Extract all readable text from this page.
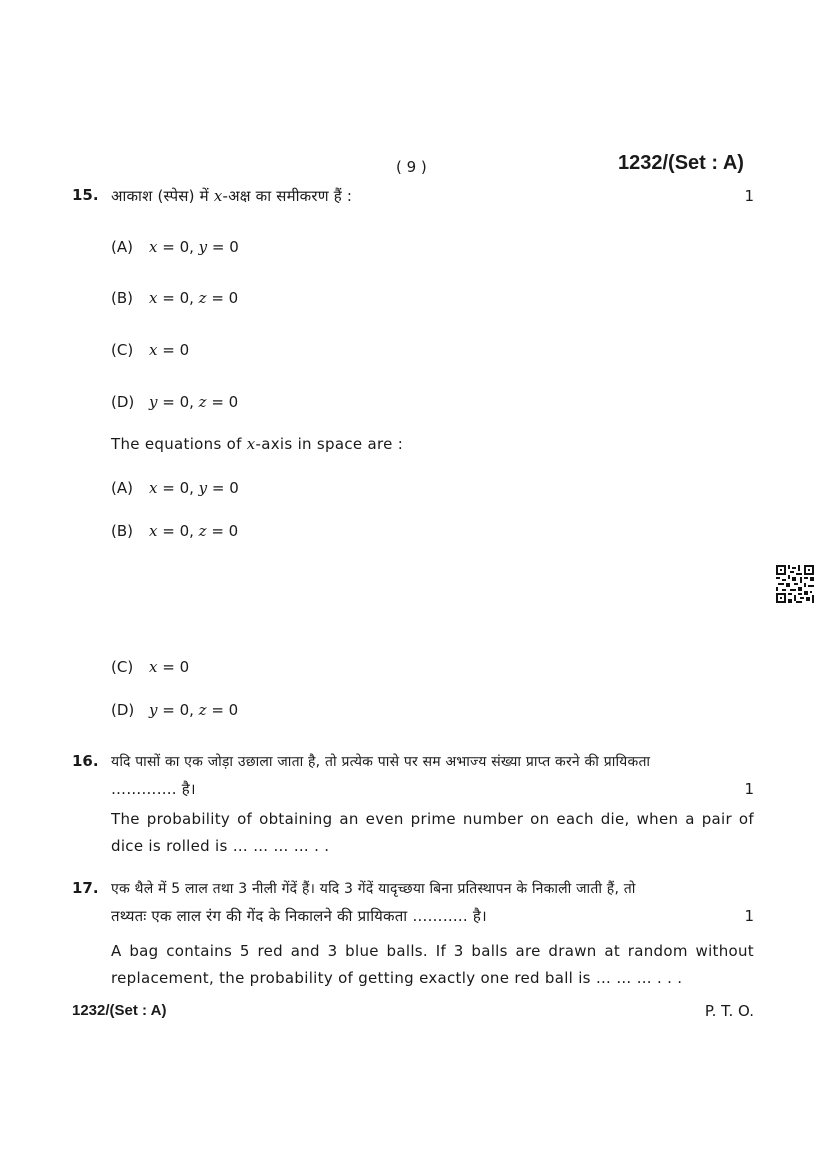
( 9 )	1232/(Set : A)
15. आकाश (स्पेस) में x-अक्ष का समीकरण हैं :	1
(A) x = 0, y = 0
(B) x = 0, z = 0
(C) x = 0
(D) y = 0, z = 0
The equations of x-axis in space are :
(A) x = 0, y = 0
(B) x = 0, z = 0
(C) x = 0
(D) y = 0, z = 0
16. यदि पासों का एक जोड़ा उछाला जाता है, तो प्रत्येक पासे पर सम अभाज्य संख्या प्राप्त करने की प्रायिकता
…………. है।	1
The probability of obtaining an even prime number on each die, when a pair of dice is rolled is … … … … . .
17. एक थैले में 5 लाल तथा 3 नीली गेंदें हैं। यदि 3 गेंदें यादृच्छया बिना प्रतिस्थापन के निकाली जाती हैं, तो
तथ्यतः एक लाल रंग की गेंद के निकालने की प्रायिकता ……….. है।	1
A bag contains 5 red and 3 blue balls. If 3 balls are drawn at random without replacement, the probability of getting exactly one red ball is … … … . . .
1232/(Set : A)	P. T. O.
